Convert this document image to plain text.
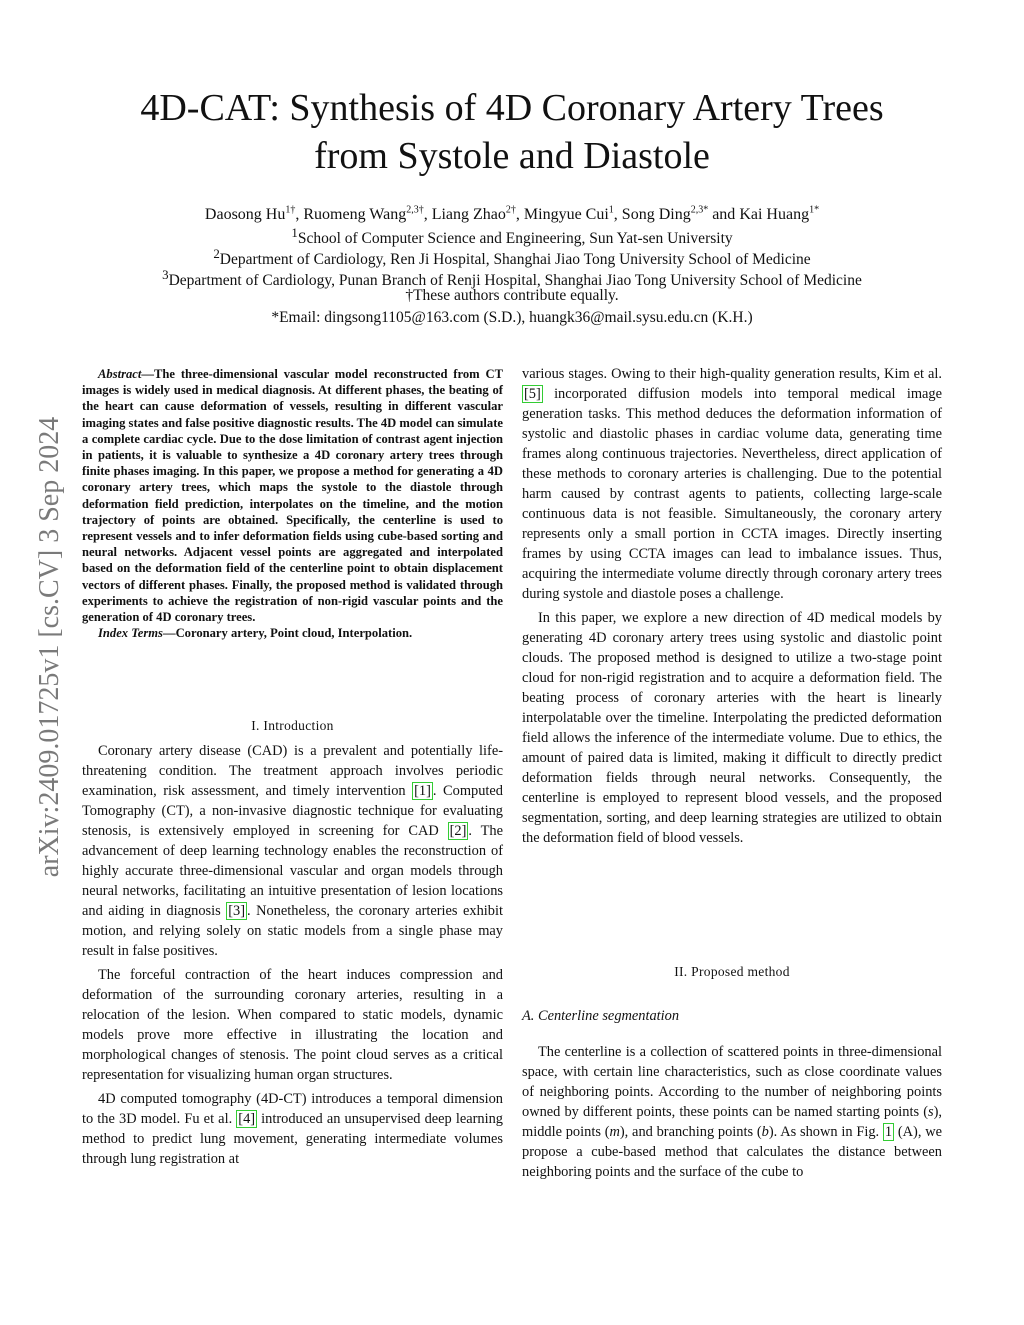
4D-CAT: Synthesis of 4D Coronary Artery Trees
from Systole and Diastole
Daosong $Hu^{1\dagger}$, Ruomeng Wang$^{2,3\dagger}$, Liang Zhao$^{2\dagger}$, Mingyue Cui$^1$, Song Ding$^{2,3*}$ and Kai Huang$^{1*}$
$^1$School of Computer Science and Engineering, Sun Yat-sen University
$^2$Department of Cardiology, Ren Ji Hospital, Shanghai Jiao Tong University School of Medicine
$^3$Department of Cardiology, Punan Branch of Renji Hospital, Shanghai Jiao Tong University School of Medicine
†These authors contribute equally.
*Email: dingsong1105@163.com (S.D.), huangk36@mail.sysu.edu.cn (K.H.)
arXiv:2409.01725v1 [cs.CV] 3 Sep 2024

Abstract—The three-dimensional vascular model reconstructed from CT images is widely used in medical diagnosis. At different phases, the beating of the heart can cause deformation of vessels, resulting in different vascular imaging states and false positive diagnostic results. The 4D model can simulate a complete cardiac cycle. Due to the dose limitation of contrast agent injection in patients, it is valuable to synthesize a 4D coronary artery trees through finite phases imaging. In this paper, we propose a method for generating a 4D coronary artery trees, which maps the systole to the diastole through deformation field prediction, interpolates on the timeline, and the motion trajectory of points are obtained. Specifically, the centerline is used to represent vessels and to infer deformation fields using cube-based sorting and neural networks. Adjacent vessel points are aggregated and interpolated based on the deformation field of the centerline point to obtain displacement vectors of different phases. Finally, the proposed method is validated through experiments to achieve the registration of non-rigid vascular points and the generation of 4D coronary trees.

Index Terms—Coronary artery, Point cloud, Interpolation.

I. Introduction

Coronary artery disease (CAD) is a prevalent and potentially life-threatening condition. The treatment approach involves periodic examination, risk assessment, and timely intervention [1] . Computed Tomography (CT), a non-invasive diagnostic technique for evaluating stenosis, is extensively employed in screening for CAD [2] . The advancement of deep learning technology enables the reconstruction of highly accurate three-dimensional vascular and organ models through neural networks, facilitating an intuitive presentation of lesion locations and aiding in diagnosis [3] . Nonetheless, the coronary arteries exhibit motion, and relying solely on static models from a single phase may result in false positives.

The forceful contraction of the heart induces compression and deformation of the surrounding coronary arteries, resulting in a relocation of the lesion. When compared to static models, dynamic models prove more effective in illustrating the location and morphological changes of stenosis. The point cloud serves as a critical representation for visualizing human organ structures.

4D computed tomography (4D-CT) introduces a temporal dimension to the 3D model. Fu et al. [4] introduced an unsupervised deep learning method to predict lung movement, generating intermediate volumes through lung registration at

various stages. Owing to their high-quality generation results, Kim et al. [5] incorporated diffusion models into temporal medical image generation tasks. This method deduces the deformation information of systolic and diastolic phases in cardiac volume data, generating time frames along continuous trajectories. Nevertheless, direct application of these methods to coronary arteries is challenging. Due to the potential harm caused by contrast agents to patients, collecting large-scale continuous data is not feasible. Simultaneously, the coronary artery represents only a small portion in CCTA images. Directly inserting frames by using CCTA images can lead to imbalance issues. Thus, acquiring the intermediate volume directly through coronary artery trees during systole and diastole poses a challenge.

In this paper, we explore a new direction of 4D medical models by generating 4D coronary artery trees using systolic and diastolic point clouds. The proposed method is designed to utilize a two-stage point cloud for non-rigid registration and to acquire a deformation field. The beating process of coronary arteries with the heart is linearly interpolatable over the timeline. Interpolating the predicted deformation field allows the inference of the intermediate volume. Due to ethics, the amount of paired data is limited, making it difficult to directly predict deformation fields through neural networks. Consequently, the centerline is employed to represent blood vessels, and the proposed segmentation, sorting, and deep learning strategies are utilized to obtain the deformation field of blood vessels.

II. Proposed method
A. Centerline segmentation

The centerline is a collection of scattered points in three-dimensional space, with certain line characteristics, such as close coordinate values of neighboring points. According to the number of neighboring points owned by different points, these points can be named starting points (s), middle points (m), and branching points (b). As shown in Fig. 1 (A), we propose a cube-based method that calculates the distance between neighboring points and the surface of the cube to
